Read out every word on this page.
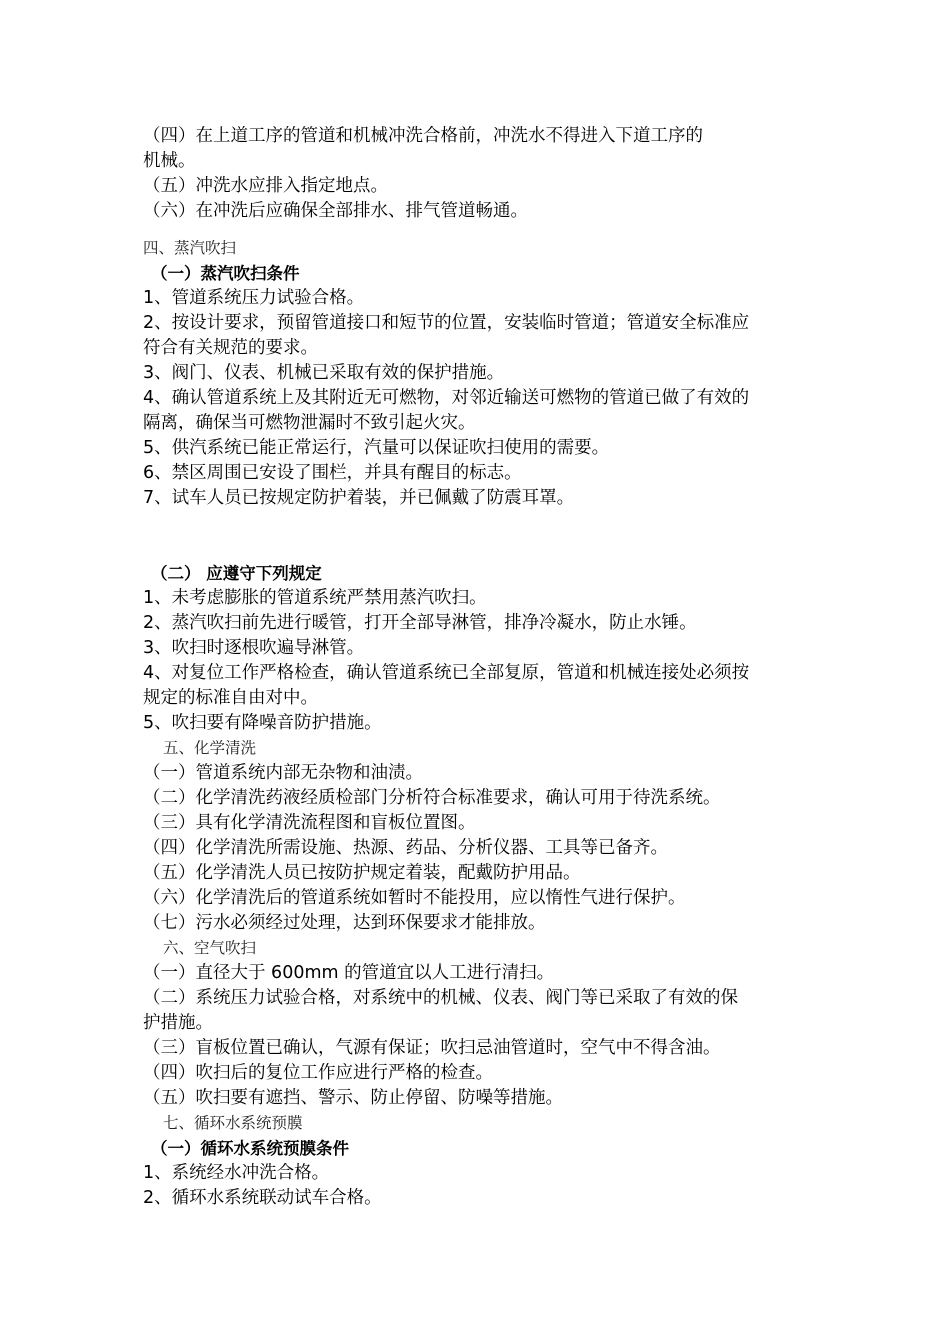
（四）在上道工序的管道和机械冲洗合格前，冲洗水不得进入下道工序的
机械。
（五）冲洗水应排入指定地点。
（六）在冲洗后应确保全部排水、排气管道畅通。
四、蒸汽吹扫
（一）蒸汽吹扫条件
1、管道系统压力试验合格。
2、按设计要求，预留管道接口和短节的位置，安装临时管道；管道安全标准应
符合有关规范的要求。
3、阀门、仪表、机械已采取有效的保护措施。
4、确认管道系统上及其附近无可燃物，对邻近输送可燃物的管道已做了有效的
隔离，确保当可燃物泄漏时不致引起火灾。
5、供汽系统已能正常运行，汽量可以保证吹扫使用的需要。
6、禁区周围已安设了围栏，并具有醒目的标志。
7、试车人员已按规定防护着装，并已佩戴了防震耳罩。
（二） 应遵守下列规定
1、未考虑膨胀的管道系统严禁用蒸汽吹扫。
2、蒸汽吹扫前先进行暖管，打开全部导淋管，排净冷凝水，防止水锤。
3、吹扫时逐根吹遍导淋管。
4、对复位工作严格检查，确认管道系统已全部复原，管道和机械连接处必须按
规定的标准自由对中。
5、吹扫要有降噪音防护措施。
五、化学清洗
（一）管道系统内部无杂物和油渍。
（二）化学清洗药液经质检部门分析符合标准要求，确认可用于待洗系统。
（三）具有化学清洗流程图和盲板位置图。
（四）化学清洗所需设施、热源、药品、分析仪器、工具等已备齐。
（五）化学清洗人员已按防护规定着装，配戴防护用品。
（六）化学清洗后的管道系统如暂时不能投用，应以惰性气进行保护。
（七）污水必须经过处理，达到环保要求才能排放。
六、空气吹扫
（一）直径大于 600mm 的管道宜以人工进行清扫。
（二）系统压力试验合格，对系统中的机械、仪表、阀门等已采取了有效的保
护措施。
（三）盲板位置已确认，气源有保证；吹扫忌油管道时，空气中不得含油。
（四）吹扫后的复位工作应进行严格的检查。
（五）吹扫要有遮挡、警示、防止停留、防噪等措施。
七、循环水系统预膜
（一）循环水系统预膜条件
1、系统经水冲洗合格。
2、循环水系统联动试车合格。
